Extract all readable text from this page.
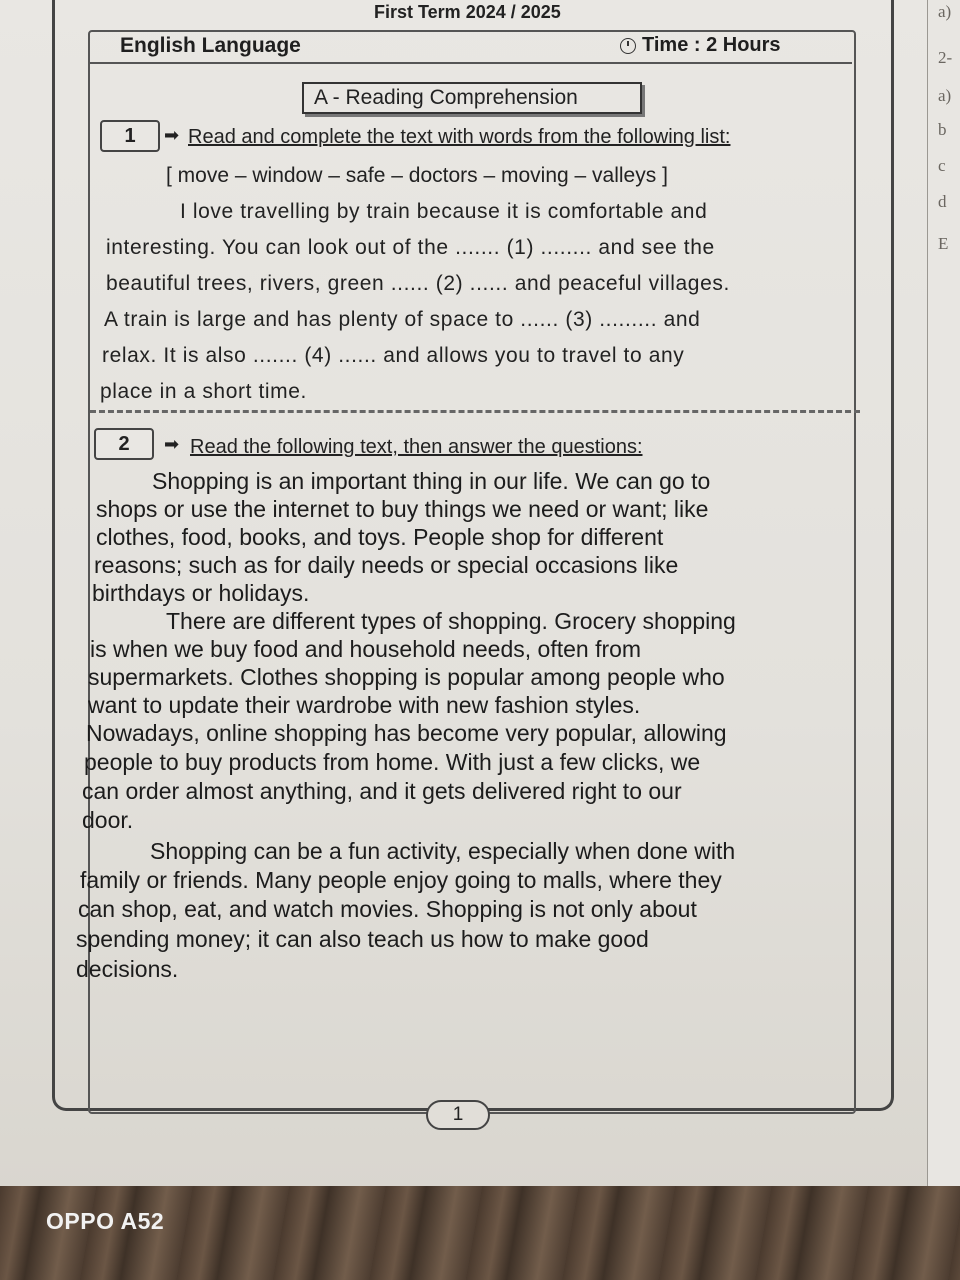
a)
2-
a)
b
c
d
E
First Term 2024 / 2025
English Language	Time : 2 Hours
A - Reading Comprehension
1	➡ Read and complete the text with words from the following list:
[ move – window – safe – doctors – moving – valleys ]
I love travelling by train because it is comfortable and
interesting. You can look out of the ....... (1) ........ and see the
beautiful trees, rivers, green ...... (2) ...... and peaceful villages.
A train is large and has plenty of space to ...... (3) ......... and
relax. It is also ....... (4) ...... and allows you to travel to any
place in a short time.
2	➡ Read the following text, then answer the questions:
Shopping is an important thing in our life. We can go to
shops or use the internet to buy things we need or want; like
clothes, food, books, and toys. People shop for different
reasons; such as for daily needs or special occasions like
birthdays or holidays.
There are different types of shopping. Grocery shopping
is when we buy food and household needs, often from
supermarkets. Clothes shopping is popular among people who
want to update their wardrobe with new fashion styles.
Nowadays, online shopping has become very popular, allowing
people to buy products from home. With just a few clicks, we
can order almost anything, and it gets delivered right to our
door.
Shopping can be a fun activity, especially when done with
family or friends. Many people enjoy going to malls, where they
can shop, eat, and watch movies. Shopping is not only about
spending money; it can also teach us how to make good
decisions.
1
OPPO A52
